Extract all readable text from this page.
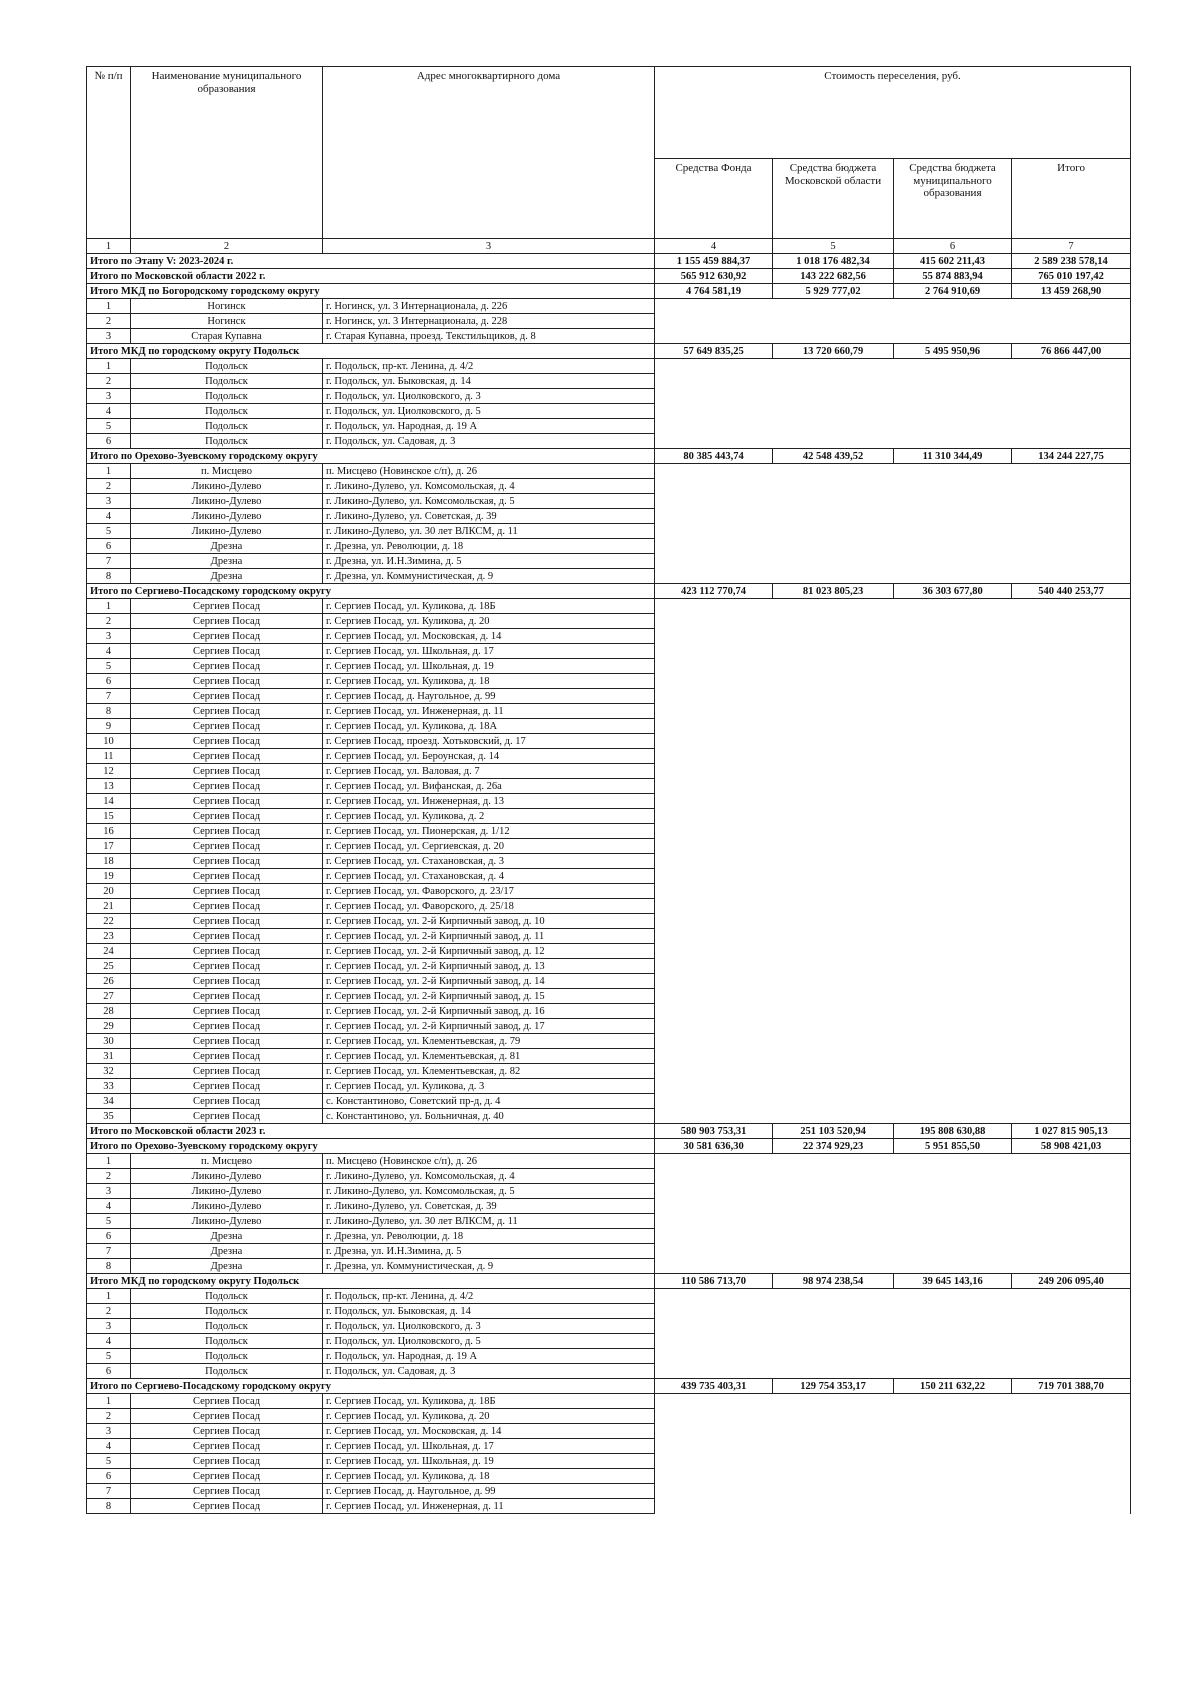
№ п/п	Наименование муниципального образования	Адрес многоквартирного дома	Стоимость переселения, руб.			
			Средства Фонда	Средства бюджета Московской области	Средства бюджета муниципального образования	Итого
1	2	3	4	5	6	7
Итого по Этапу V: 2023-2024 г.			1 155 459 884,37	1 018 176 482,34	415 602 211,43	2 589 238 578,14
Итого по Московской области 2022 г.			565 912 630,92	143 222 682,56	55 874 883,94	765 010 197,42
Итого МКД по Богородскому городскому округу			4 764 581,19	5 929 777,02	2 764 910,69	13 459 268,90
1	Ногинск	г. Ногинск, ул. 3 Интернационала, д. 226				
2	Ногинск	г. Ногинск, ул. 3 Интернационала, д. 228				
3	Старая Купавна	г. Старая Купавна, проезд. Текстильщиков, д. 8				
Итого МКД по городскому округу Подольск			57 649 835,25	13 720 660,79	5 495 950,96	76 866 447,00
1	Подольск	г. Подольск, пр-кт. Ленина, д. 4/2				
2	Подольск	г. Подольск, ул. Быковская, д. 14				
3	Подольск	г. Подольск, ул. Циолковского, д. 3				
4	Подольск	г. Подольск, ул. Циолковского, д. 5				
5	Подольск	г. Подольск, ул. Народная, д. 19 А				
6	Подольск	г. Подольск, ул. Садовая, д. 3				
Итого по Орехово-Зуевскому городскому округу			80 385 443,74	42 548 439,52	11 310 344,49	134 244 227,75
1	п. Мисцево	п. Мисцево (Новинское с/п), д. 26				
2	Ликино-Дулево	г. Ликино-Дулево, ул. Комсомольская, д. 4				
3	Ликино-Дулево	г. Ликино-Дулево, ул. Комсомольская, д. 5				
4	Ликино-Дулево	г. Ликино-Дулево, ул. Советская, д. 39				
5	Ликино-Дулево	г. Ликино-Дулево, ул. 30 лет ВЛКСМ, д. 11				
6	Дрезна	г. Дрезна, ул. Революции, д. 18				
7	Дрезна	г. Дрезна, ул. И.Н.Зимина, д. 5				
8	Дрезна	г. Дрезна, ул. Коммунистическая, д. 9				
Итого по Сергиево-Посадскому городскому округу			423 112 770,74	81 023 805,23	36 303 677,80	540 440 253,77
1	Сергиев Посад	г. Сергиев Посад, ул. Куликова, д. 18Б				
2	Сергиев Посад	г. Сергиев Посад, ул. Куликова, д. 20				
3	Сергиев Посад	г. Сергиев Посад, ул. Московская, д. 14				
4	Сергиев Посад	г. Сергиев Посад, ул. Школьная, д. 17				
5	Сергиев Посад	г. Сергиев Посад, ул. Школьная, д. 19				
6	Сергиев Посад	г. Сергиев Посад, ул. Куликова, д. 18				
7	Сергиев Посад	г. Сергиев Посад, д. Наугольное, д. 99				
8	Сергиев Посад	г. Сергиев Посад, ул. Инженерная, д. 11				
9	Сергиев Посад	г. Сергиев Посад, ул. Куликова, д. 18А				
10	Сергиев Посад	г. Сергиев Посад, проезд. Хотьковский, д. 17				
11	Сергиев Посад	г. Сергиев Посад, ул. Бероунская, д. 14				
12	Сергиев Посад	г. Сергиев Посад, ул. Валовая, д. 7				
13	Сергиев Посад	г. Сергиев Посад, ул. Вифанская, д. 26а				
14	Сергиев Посад	г. Сергиев Посад, ул. Инженерная, д. 13				
15	Сергиев Посад	г. Сергиев Посад, ул. Куликова, д. 2				
16	Сергиев Посад	г. Сергиев Посад, ул. Пионерская, д. 1/12				
17	Сергиев Посад	г. Сергиев Посад, ул. Сергиевская, д. 20				
18	Сергиев Посад	г. Сергиев Посад, ул. Стахановская, д. 3				
19	Сергиев Посад	г. Сергиев Посад, ул. Стахановская, д. 4				
20	Сергиев Посад	г. Сергиев Посад, ул. Фаворского, д. 23/17				
21	Сергиев Посад	г. Сергиев Посад, ул. Фаворского, д. 25/18				
22	Сергиев Посад	г. Сергиев Посад, ул. 2-й Кирпичный завод, д. 10				
23	Сергиев Посад	г. Сергиев Посад, ул. 2-й Кирпичный завод, д. 11				
24	Сергиев Посад	г. Сергиев Посад, ул. 2-й Кирпичный завод, д. 12				
25	Сергиев Посад	г. Сергиев Посад, ул. 2-й Кирпичный завод, д. 13				
26	Сергиев Посад	г. Сергиев Посад, ул. 2-й Кирпичный завод, д. 14				
27	Сергиев Посад	г. Сергиев Посад, ул. 2-й Кирпичный завод, д. 15				
28	Сергиев Посад	г. Сергиев Посад, ул. 2-й Кирпичный завод, д. 16				
29	Сергиев Посад	г. Сергиев Посад, ул. 2-й Кирпичный завод, д. 17				
30	Сергиев Посад	г. Сергиев Посад, ул. Клементьевская, д. 79				
31	Сергиев Посад	г. Сергиев Посад, ул. Клементьевская, д. 81				
32	Сергиев Посад	г. Сергиев Посад, ул. Клементьевская, д. 82				
33	Сергиев Посад	г. Сергиев Посад, ул. Куликова, д. 3				
34	Сергиев Посад	с. Константиново, Советский пр-д, д. 4				
35	Сергиев Посад	с. Константиново, ул. Больничная, д. 40				
Итого по Московской области 2023 г.			580 903 753,31	251 103 520,94	195 808 630,88	1 027 815 905,13
Итого по Орехово-Зуевскому городскому округу			30 581 636,30	22 374 929,23	5 951 855,50	58 908 421,03
1	п. Мисцево	п. Мисцево (Новинское с/п), д. 26				
2	Ликино-Дулево	г. Ликино-Дулево, ул. Комсомольская, д. 4				
3	Ликино-Дулево	г. Ликино-Дулево, ул. Комсомольская, д. 5				
4	Ликино-Дулево	г. Ликино-Дулево, ул. Советская, д. 39				
5	Ликино-Дулево	г. Ликино-Дулево, ул. 30 лет ВЛКСМ, д. 11				
6	Дрезна	г. Дрезна, ул. Революции, д. 18				
7	Дрезна	г. Дрезна, ул. И.Н.Зимина, д. 5				
8	Дрезна	г. Дрезна, ул. Коммунистическая, д. 9				
Итого МКД по городскому округу Подольск			110 586 713,70	98 974 238,54	39 645 143,16	249 206 095,40
1	Подольск	г. Подольск, пр-кт. Ленина, д. 4/2				
2	Подольск	г. Подольск, ул. Быковская, д. 14				
3	Подольск	г. Подольск, ул. Циолковского, д. 3				
4	Подольск	г. Подольск, ул. Циолковского, д. 5				
5	Подольск	г. Подольск, ул. Народная, д. 19 А				
6	Подольск	г. Подольск, ул. Садовая, д. 3				
Итого по Сергиево-Посадскому городскому округу			439 735 403,31	129 754 353,17	150 211 632,22	719 701 388,70
1	Сергиев Посад	г. Сергиев Посад, ул. Куликова, д. 18Б				
2	Сергиев Посад	г. Сергиев Посад, ул. Куликова, д. 20				
3	Сергиев Посад	г. Сергиев Посад, ул. Московская, д. 14				
4	Сергиев Посад	г. Сергиев Посад, ул. Школьная, д. 17				
5	Сергиев Посад	г. Сергиев Посад, ул. Школьная, д. 19				
6	Сергиев Посад	г. Сергиев Посад, ул. Куликова, д. 18				
7	Сергиев Посад	г. Сергиев Посад, д. Наугольное, д. 99				
8	Сергиев Посад	г. Сергиев Посад, ул. Инженерная, д. 11				
